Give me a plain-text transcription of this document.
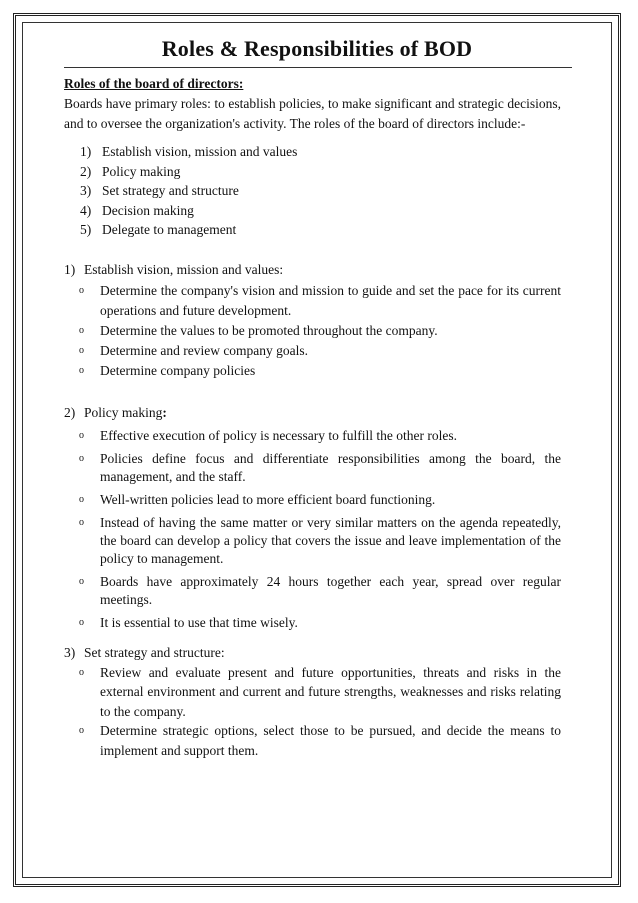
Roles & Responsibilities of BOD
Roles of the board of directors:

Boards have primary roles: to establish policies, to make significant and strategic decisions, and to oversee the organization's activity. The roles of the board of directors include:-

1) Establish vision, mission and values
2) Policy making
3) Set strategy and structure
4) Decision making
5) Delegate to management
1) Establish vision, mission and values:
o	Determine the company's vision and mission to guide and set the pace for its current operations and future development.
o	Determine the values to be promoted throughout the company.
o	Determine and review company goals.
o	Determine company policies
2) Policy making:
o	Effective execution of policy is necessary to fulfill the other roles.
o	Policies define focus and differentiate responsibilities among the board, the management, and the staff.
o	Well-written policies lead to more efficient board functioning.
o	Instead of having the same matter or very similar matters on the agenda repeatedly, the board can develop a policy that covers the issue and leave implementation of the policy to management.
o	Boards have approximately 24 hours together each year, spread over regular meetings.
o	It is essential to use that time wisely.
3) Set strategy and structure:
o	Review and evaluate present and future opportunities, threats and risks in the external environment and current and future strengths, weaknesses and risks relating to the company.
o	Determine strategic options, select those to be pursued, and decide the means to implement and support them.
